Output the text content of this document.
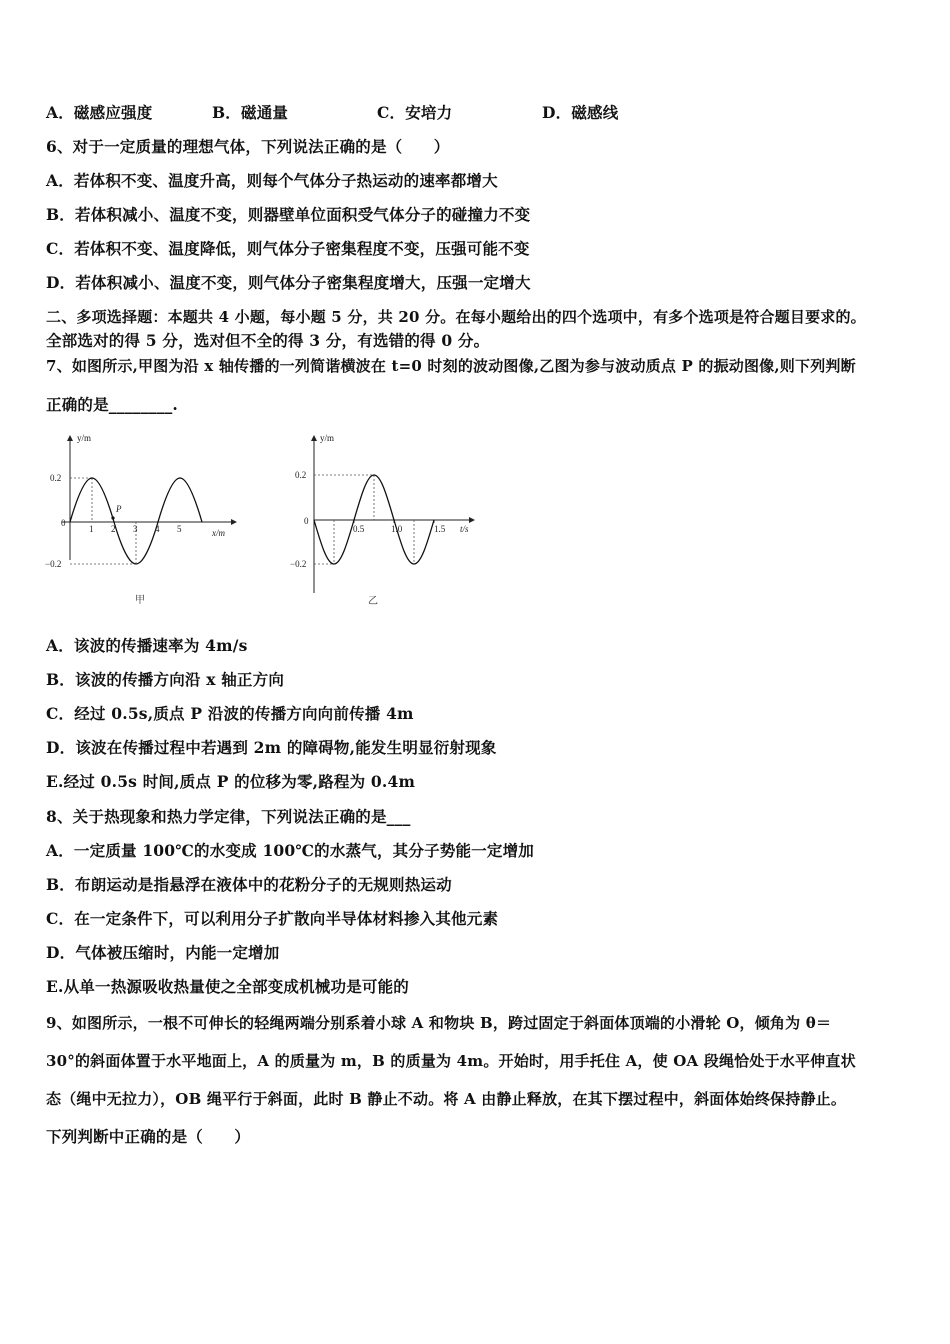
A．磁感应强度	B．磁通量	C．安培力	D．磁感线
6、对于一定质量的理想气体，下列说法正确的是（　　）
A．若体积不变、温度升高，则每个气体分子热运动的速率都增大
B．若体积减小、温度不变，则器壁单位面积受气体分子的碰撞力不变
C．若体积不变、温度降低，则气体分子密集程度不变，压强可能不变
D．若体积减小、温度不变，则气体分子密集程度增大，压强一定增大
二、多项选择题：本题共 4 小题，每小题 5 分，共 20 分。在每小题给出的四个选项中，有多个选项是符合题目要求的。
全部选对的得 5 分，选对但不全的得 3 分，有选错的得 0 分。
7、如图所示,甲图为沿 x 轴传播的一列简谐横波在 t=0 时刻的波动图像,乙图为参与波动质点 P 的振动图像,则下列判断
正确的是________.
y/m
x/m
0.2
−0.2
0
1 2 3 4 5
P
甲
y/m
t/s
0.2
−0.2
0
0.5	1.0	1.5
乙
A．该波的传播速率为 4m/s
B．该波的传播方向沿 x 轴正方向
C．经过 0.5s,质点 P 沿波的传播方向向前传播 4m
D．该波在传播过程中若遇到 2m 的障碍物,能发生明显衍射现象
E.经过 0.5s 时间,质点 P 的位移为零,路程为 0.4m
8、关于热现象和热力学定律，下列说法正确的是___
A．一定质量 100℃的水变成 100℃的水蒸气，其分子势能一定增加
B．布朗运动是指悬浮在液体中的花粉分子的无规则热运动
C．在一定条件下，可以利用分子扩散向半导体材料掺入其他元素
D．气体被压缩时，内能一定增加
E.从单一热源吸收热量使之全部变成机械功是可能的
9、如图所示，一根不可伸长的轻绳两端分别系着小球 A 和物块 B，跨过固定于斜面体顶端的小滑轮 O，倾角为 θ＝
30°的斜面体置于水平地面上，A 的质量为 m，B 的质量为 4m。开始时，用手托住 A，使 OA 段绳恰处于水平伸直状
态（绳中无拉力），OB 绳平行于斜面，此时 B 静止不动。将 A 由静止释放，在其下摆过程中，斜面体始终保持静止。
下列判断中正确的是（　　）
